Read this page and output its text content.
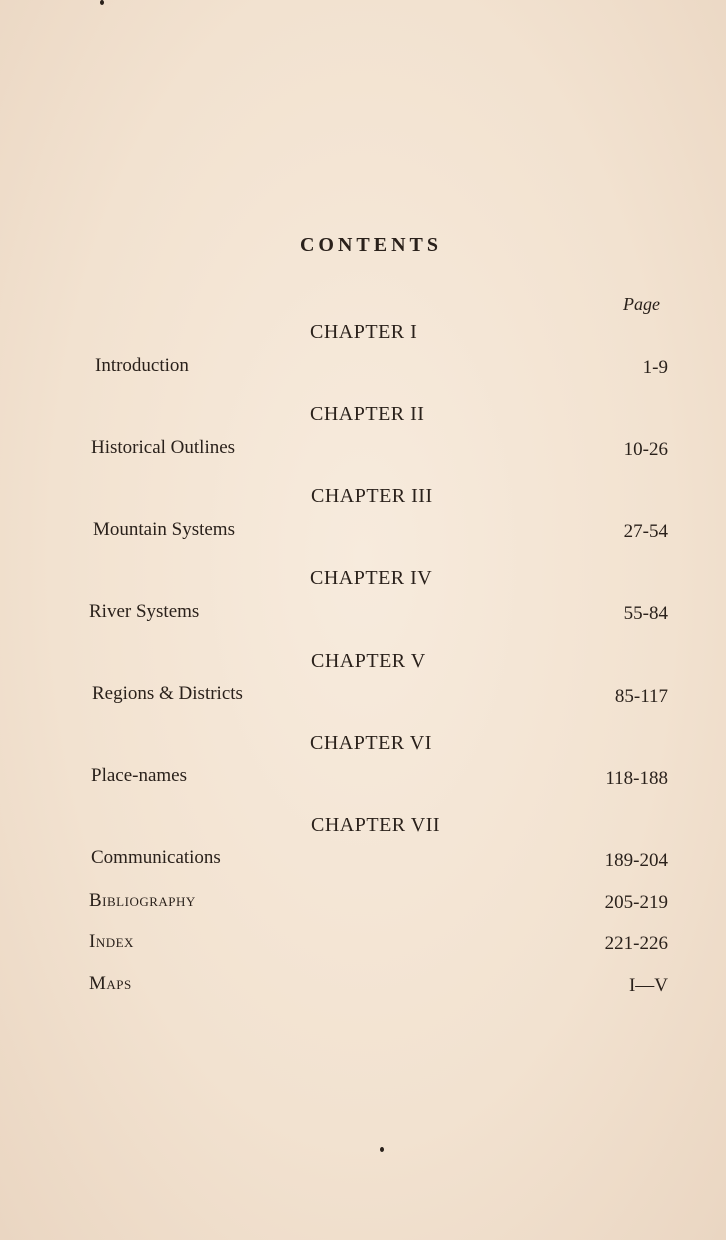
CONTENTS
Page
CHAPTER I
Introduction	1-9
CHAPTER II
Historical Outlines	10-26
CHAPTER III
Mountain Systems	27-54
CHAPTER IV
River Systems	55-84
CHAPTER V
Regions & Districts	85-117
CHAPTER VI
Place-names	118-188
CHAPTER VII
Communications	189-204
Bibliography	205-219
Index	221-226
Maps	I—V
